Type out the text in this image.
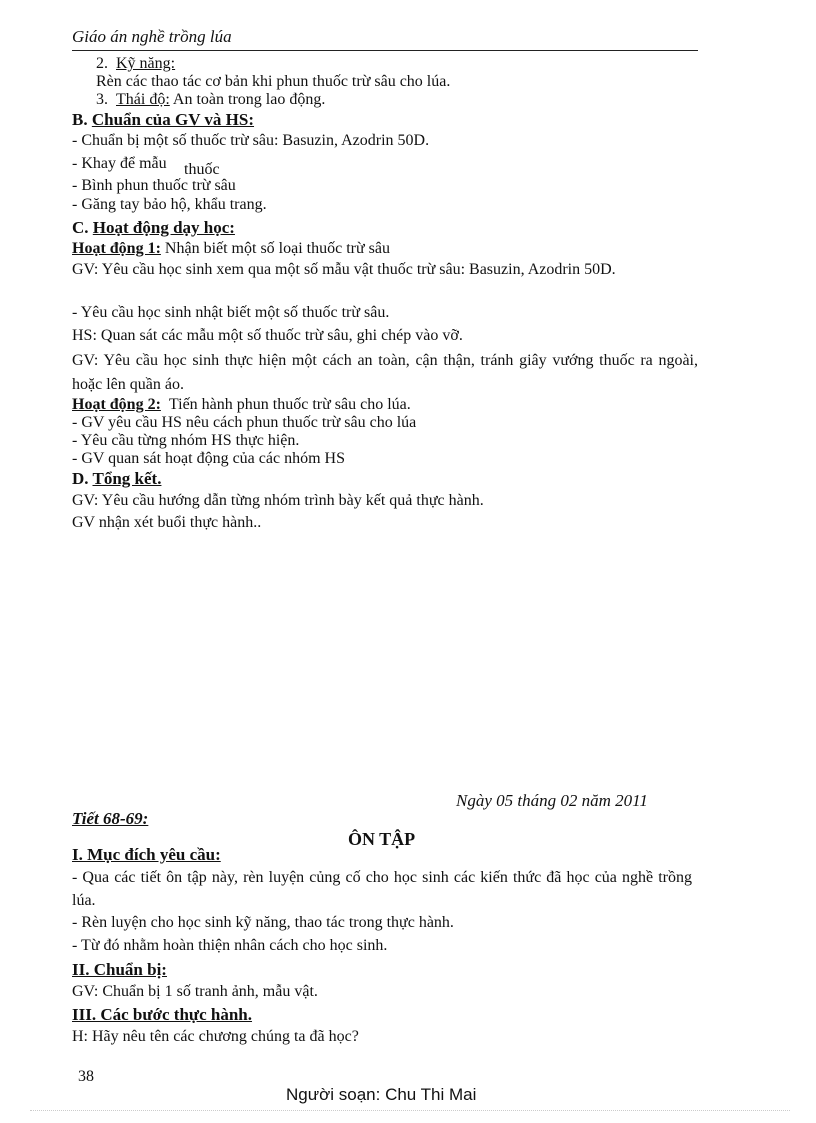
Giáo án nghề trồng lúa
2. Kỹ năng:
Rèn các thao tác cơ bản khi phun thuốc trừ sâu cho lúa.
3. Thái độ: An toàn trong lao động.
B. Chuẩn của GV và HS:
- Chuẩn bị một số thuốc trừ sâu: Basuzin, Azodrin 50D.
- Khay để mẫu thuốc
- Bình phun thuốc trừ sâu
- Găng tay bảo hộ, khẩu trang.
C. Hoạt động dạy học:
Hoạt động 1: Nhận biết một số loại thuốc trừ sâu
GV: Yêu cầu học sinh xem qua một số mẫu vật thuốc trừ sâu: Basuzin, Azodrin 50D.
- Yêu cầu học sinh nhật biết một số thuốc trừ sâu.
HS: Quan sát các mẫu một số thuốc trừ sâu, ghi chép vào vỡ.
GV: Yêu cầu học sinh thực hiện một cách an toàn, cận thận, tránh giây vướng thuốc ra ngoài, hoặc lên quần áo.
Hoạt động 2: Tiến hành phun thuốc trừ sâu cho lúa.
- GV yêu cầu HS nêu cách phun thuốc trừ sâu cho lúa
- Yêu cầu từng nhóm HS thực hiện.
- GV quan sát hoạt động của các nhóm HS
D. Tổng kết.
GV: Yêu cầu hướng dẫn từng nhóm trình bày kết quả thực hành.
GV nhận xét buổi thực hành..
Ngày 05 tháng 02 năm 2011
Tiết 68-69:
ÔN TẬP
I. Mục đích yêu cầu:
- Qua các tiết ôn tập này, rèn luyện củng cố cho học sinh các kiến thức đã học của nghề trồng lúa.
- Rèn luyện cho học sinh kỹ năng, thao tác trong thực hành.
- Từ đó nhằm hoàn thiện nhân cách cho học sinh.
II. Chuẩn bị:
GV: Chuẩn bị 1 số tranh ảnh, mẫu vật.
III. Các bước thực hành.
H: Hãy nêu tên các chương chúng ta đã học?
38
Người soạn: Chu Thi Mai
